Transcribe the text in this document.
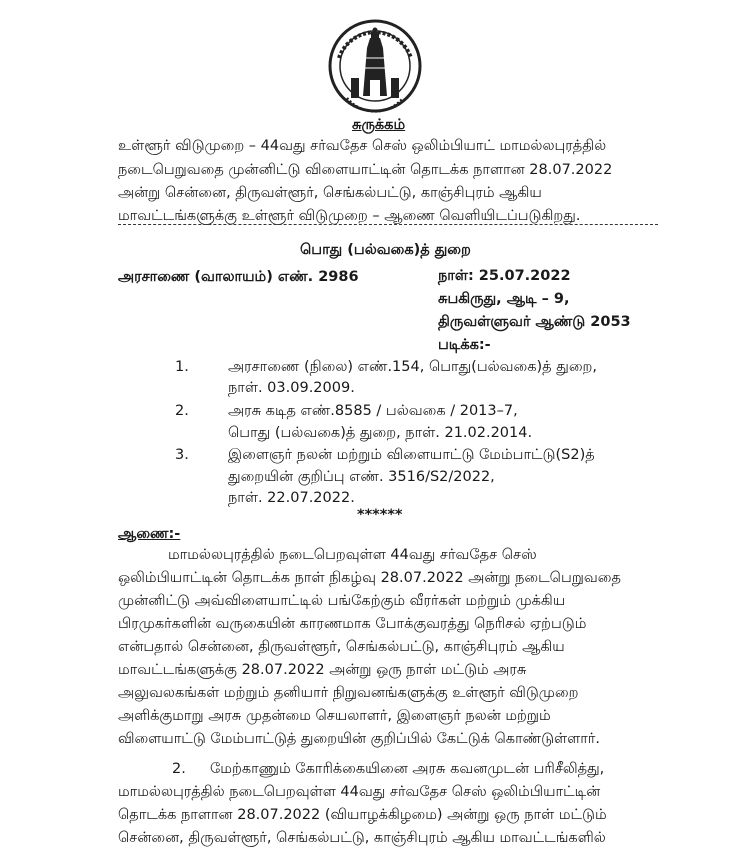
சுருக்கம்
உள்ளூர் விடுமுறை – 44வது சர்வதேச செஸ் ஒலிம்பியாட் மாமல்லபுரத்தில்
நடைபெறுவதை முன்னிட்டு விளையாட்டின் தொடக்க நாளான 28.07.2022
அன்று சென்னை, திருவள்ளூர், செங்கல்பட்டு, காஞ்சிபுரம் ஆகிய
மாவட்டங்களுக்கு உள்ளூர் விடுமுறை – ஆணை வெளியிடப்படுகிறது.
பொது (பல்வகை)த் துறை
அரசாணை (வாலாயம்) எண். 2986	நாள்: 25.07.2022
சுபகிருது, ஆடி – 9,
திருவள்ளுவர் ஆண்டு 2053
படிக்க:-
1.	அரசாணை (நிலை) எண்.154, பொது(பல்வகை)த் துறை,
நாள். 03.09.2009.
2.	அரசு கடித எண்.8585 / பல்வகை / 2013–7,
பொது (பல்வகை)த் துறை, நாள். 21.02.2014.
3.	இளைஞர் நலன் மற்றும் விளையாட்டு மேம்பாட்டு(S2)த்
துறையின் குறிப்பு எண். 3516/S2/2022,
நாள். 22.07.2022.
******
ஆணை:-
மாமல்லபுரத்தில் நடைபெறவுள்ள 44வது சர்வதேச செஸ்
ஒலிம்பியாட்டின் தொடக்க நாள் நிகழ்வு 28.07.2022 அன்று நடைபெறுவதை
முன்னிட்டு அவ்விளையாட்டில் பங்கேற்கும் வீரர்கள் மற்றும் முக்கிய
பிரமுகர்களின் வருகையின் காரணமாக போக்குவரத்து நெரிசல் ஏற்படும்
என்பதால் சென்னை, திருவள்ளூர், செங்கல்பட்டு, காஞ்சிபுரம் ஆகிய
மாவட்டங்களுக்கு 28.07.2022 அன்று ஒரு நாள் மட்டும் அரசு
அலுவலகங்கள் மற்றும் தனியார் நிறுவனங்களுக்கு உள்ளூர் விடுமுறை
அளிக்குமாறு அரசு முதன்மை செயலாளர், இளைஞர் நலன் மற்றும்
விளையாட்டு மேம்பாட்டுத் துறையின் குறிப்பில் கேட்டுக் கொண்டுள்ளார்.
2. மேற்காணும் கோரிக்கையினை அரசு கவனமுடன் பரிசீலித்து,
மாமல்லபுரத்தில் நடைபெறவுள்ள 44வது சர்வதேச செஸ் ஒலிம்பியாட்டின்
தொடக்க நாளான 28.07.2022 (வியாழக்கிழமை) அன்று ஒரு நாள் மட்டும்
சென்னை, திருவள்ளூர், செங்கல்பட்டு, காஞ்சிபுரம் ஆகிய மாவட்டங்களில்
